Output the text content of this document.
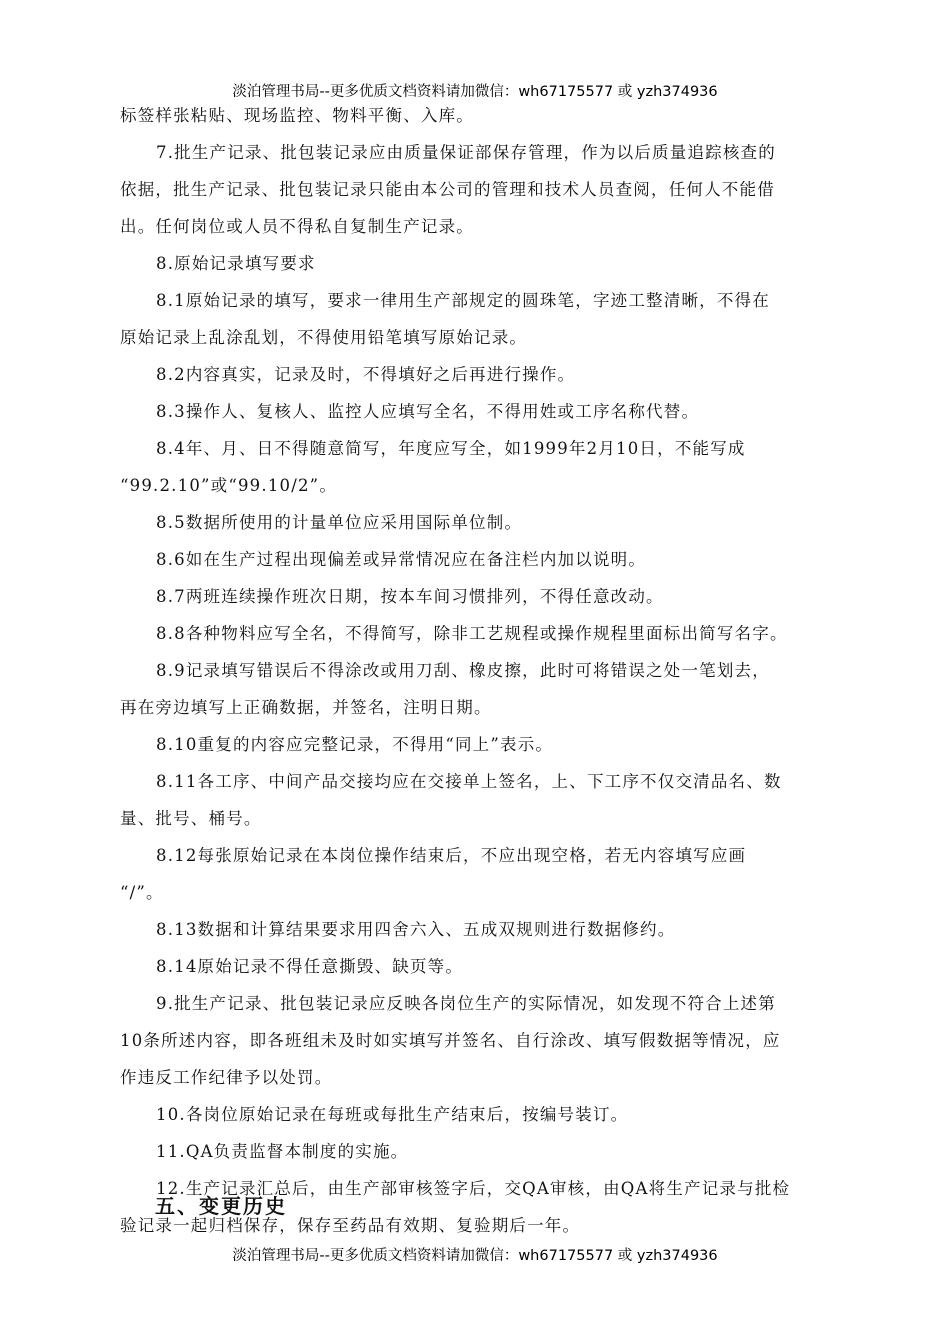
淡泊管理书局--更多优质文档资料请加微信：wh67175577 或 yzh374936
标签样张粘贴、现场监控、物料平衡、入库。
7.批生产记录、批包装记录应由质量保证部保存管理，作为以后质量追踪核查的
依据，批生产记录、批包装记录只能由本公司的管理和技术人员查阅，任何人不能借
出。任何岗位或人员不得私自复制生产记录。
8.原始记录填写要求
8.1原始记录的填写，要求一律用生产部规定的圆珠笔，字迹工整清晰，不得在
原始记录上乱涂乱划，不得使用铅笔填写原始记录。
8.2内容真实，记录及时，不得填好之后再进行操作。
8.3操作人、复核人、监控人应填写全名，不得用姓或工序名称代替。
8.4年、月、日不得随意简写，年度应写全，如1999年2月10日，不能写成
“99.2.10”或“99.10/2”。
8.5数据所使用的计量单位应采用国际单位制。
8.6如在生产过程出现偏差或异常情况应在备注栏内加以说明。
8.7两班连续操作班次日期，按本车间习惯排列，不得任意改动。
8.8各种物料应写全名，不得简写，除非工艺规程或操作规程里面标出简写名字。
8.9记录填写错误后不得涂改或用刀刮、橡皮擦，此时可将错误之处一笔划去，
再在旁边填写上正确数据，并签名，注明日期。
8.10重复的内容应完整记录，不得用“同上”表示。
8.11各工序、中间产品交接均应在交接单上签名，上、下工序不仅交清品名、数
量、批号、桶号。
8.12每张原始记录在本岗位操作结束后，不应出现空格，若无内容填写应画
“/”。
8.13数据和计算结果要求用四舍六入、五成双规则进行数据修约。
8.14原始记录不得任意撕毁、缺页等。
9.批生产记录、批包装记录应反映各岗位生产的实际情况，如发现不符合上述第
10条所述内容，即各班组未及时如实填写并签名、自行涂改、填写假数据等情况，应
作违反工作纪律予以处罚。
10.各岗位原始记录在每班或每批生产结束后，按编号装订。
11.QA负责监督本制度的实施。
12.生产记录汇总后，由生产部审核签字后，交QA审核，由QA将生产记录与批检
验记录一起归档保存，保存至药品有效期、复验期后一年。
五、变更历史
淡泊管理书局--更多优质文档资料请加微信：wh67175577 或 yzh374936
